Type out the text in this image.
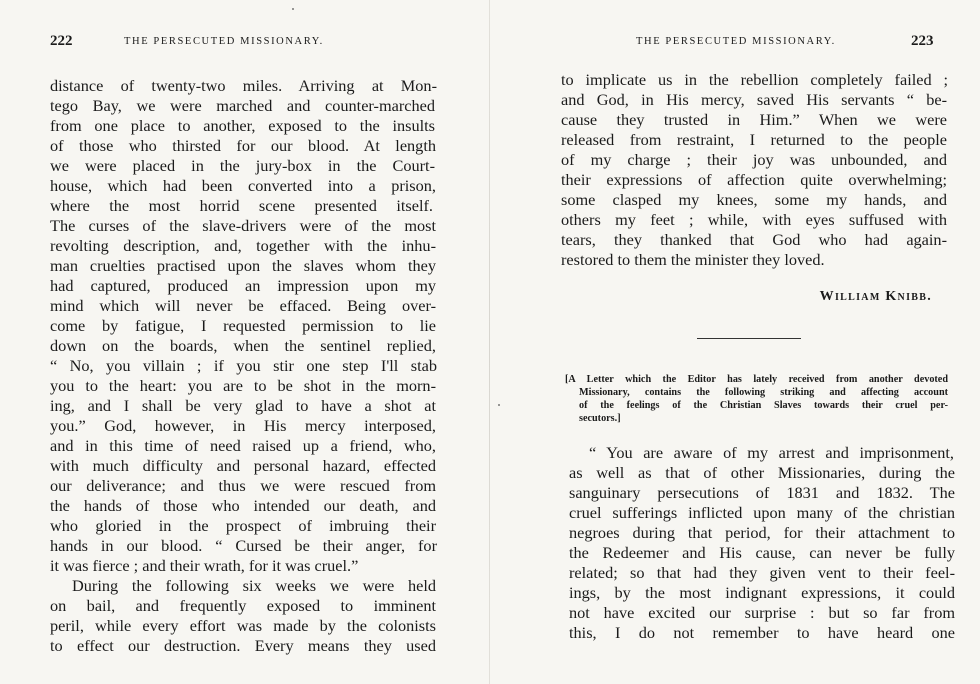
222	THE PERSECUTED MISSIONARY.
distance of twenty-two miles. Arriving at Mon-
tego Bay, we were marched and counter-marched
from one place to another, exposed to the insults
of those who thirsted for our blood. At length
we were placed in the jury-box in the Court-
house, which had been converted into a prison,
where the most horrid scene presented itself.
The curses of the slave-drivers were of the most
revolting description, and, together with the inhu-
man cruelties practised upon the slaves whom they
had captured, produced an impression upon my
mind which will never be effaced. Being over-
come by fatigue, I requested permission to lie
down on the boards, when the sentinel replied,
“ No, you villain ; if you stir one step I'll stab
you to the heart: you are to be shot in the morn-
ing, and I shall be very glad to have a shot at
you.” God, however, in His mercy interposed,
and in this time of need raised up a friend, who,
with much difficulty and personal hazard, effected
our deliverance; and thus we were rescued from
the hands of those who intended our death, and
who gloried in the prospect of imbruing their
hands in our blood. “ Cursed be their anger, for
it was fierce ; and their wrath, for it was cruel.”
During the following six weeks we were held
on bail, and frequently exposed to imminent
peril, while every effort was made by the colonists
to effect our destruction. Every means they used
THE PERSECUTED MISSIONARY.	223
to implicate us in the rebellion completely failed ;
and God, in His mercy, saved His servants “ be-
cause they trusted in Him.” When we were
released from restraint, I returned to the people
of my charge ; their joy was unbounded, and
their expressions of affection quite overwhelming;
some clasped my knees, some my hands, and
others my feet ; while, with eyes suffused with
tears, they thanked that God who had again-
restored to them the minister they loved.
William Knibb.
[A Letter which the Editor has lately received from another devoted
Missionary, contains the following striking and affecting account
of the feelings of the Christian Slaves towards their cruel per-
secutors.]
“ You are aware of my arrest and imprisonment,
as well as that of other Missionaries, during the
sanguinary persecutions of 1831 and 1832. The
cruel sufferings inflicted upon many of the christian
negroes during that period, for their attachment to
the Redeemer and His cause, can never be fully
related; so that had they given vent to their feel-
ings, by the most indignant expressions, it could
not have excited our surprise : but so far from
this, I do not remember to have heard one
